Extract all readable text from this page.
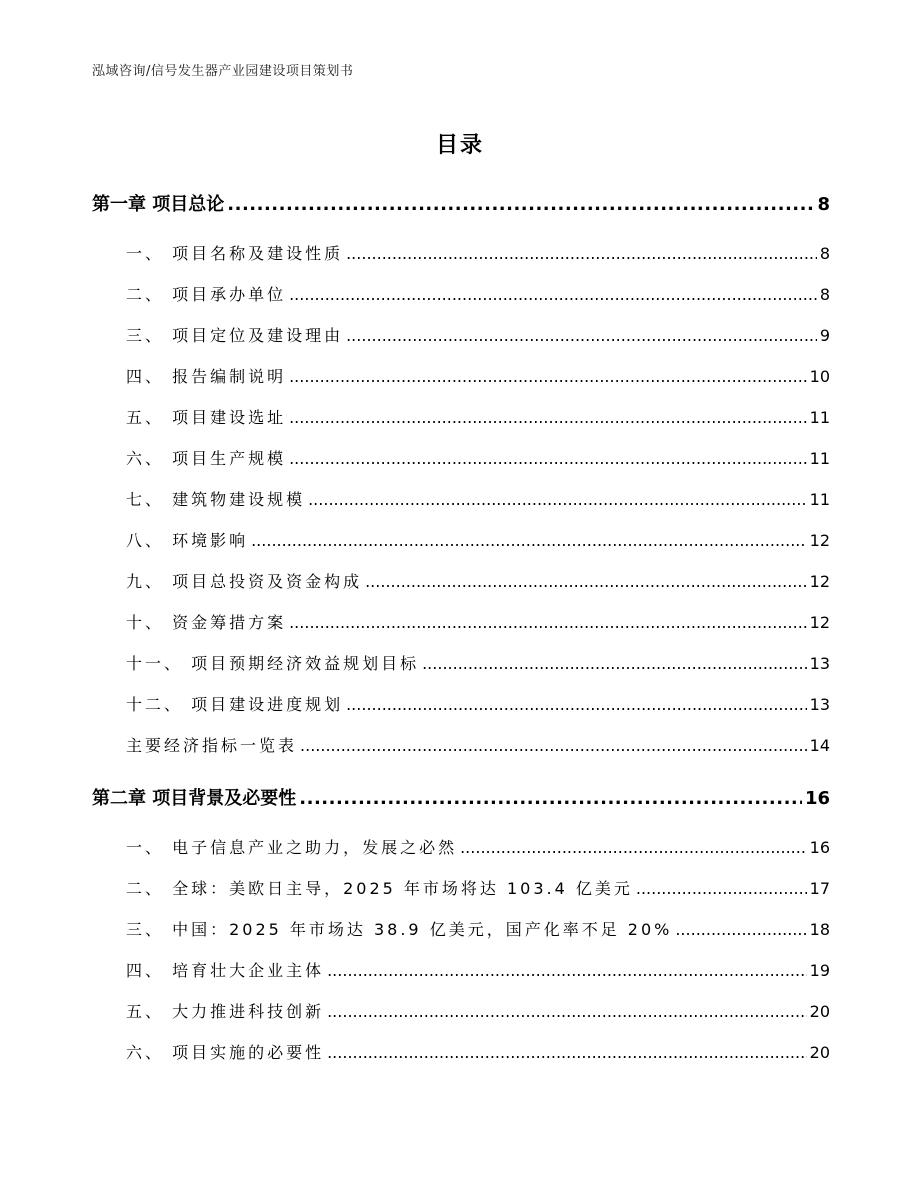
泓域咨询/信号发生器产业园建设项目策划书
目录
第一章 项目总论 .....	8
一、 项目名称及建设性质 .....	8
二、 项目承办单位 .....	8
三、 项目定位及建设理由 .....	9
四、 报告编制说明 .....	10
五、 项目建设选址 .....	11
六、 项目生产规模 .....	11
七、 建筑物建设规模 .....	11
八、 环境影响 .....	12
九、 项目总投资及资金构成 .....	12
十、 资金筹措方案 .....	12
十一、 项目预期经济效益规划目标 .....	13
十二、 项目建设进度规划 .....	13
主要经济指标一览表 .....	14
第二章 项目背景及必要性 .....	16
一、 电子信息产业之助力，发展之必然 .....	16
二、 全球：美欧日主导，2025 年市场将达 103.4 亿美元 .....	17
三、 中国：2025 年市场达 38.9 亿美元，国产化率不足 20% .....	18
四、 培育壮大企业主体 .....	19
五、 大力推进科技创新 .....	20
六、 项目实施的必要性 .....	20
